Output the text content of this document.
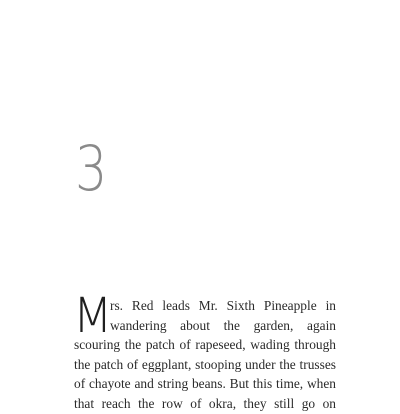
3
M
rs. Red leads Mr. Sixth Pineapple in
wandering about the garden, again
scouring the patch of rapeseed, wading through
the patch of eggplant, stooping under the trusses
of chayote and string beans. But this time, when
that reach the row of okra, they still go on
